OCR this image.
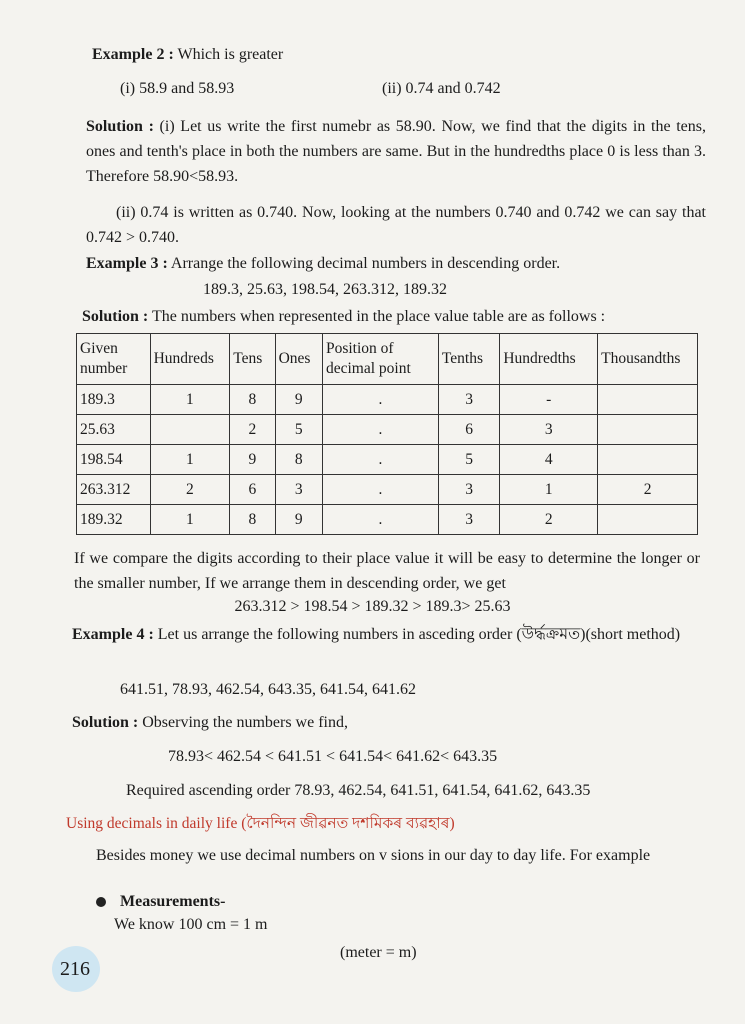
Example 2 : Which is greater
(i) 58.9 and 58.93	(ii) 0.74 and 0.742
Solution : (i) Let us write the first numebr as 58.90. Now, we find that the digits in the tens, ones and tenth's place in both the numbers are same. But in the hundredths place 0 is less than 3. Therefore 58.90<58.93.
(ii) 0.74 is written as 0.740. Now, looking at the numbers 0.740 and 0.742 we can say that 0.742 > 0.740.
Example 3 : Arrange the following decimal numbers in descending order.
189.3, 25.63, 198.54, 263.312, 189.32
Solution : The numbers when represented in the place value table are as follows :
Given number	Hundreds	Tens	Ones	Position of decimal point	Tenths	Hundredths	Thousandths
189.3	1	8	9	.	3	-	
25.63		2	5	.	6	3	
198.54	1	9	8	.	5	4	
263.312	2	6	3	.	3	1	2
189.32	1	8	9	.	3	2	
If we compare the digits according to their place value it will be easy to determine the longer or the smaller number, If we arrange them in descending order, we get
263.312 > 198.54 > 189.32 > 189.3> 25.63
Example 4 : Let us arrange the following numbers in asceding order (উর্দ্ধক্রমত)(short method)
641.51, 78.93, 462.54, 643.35, 641.54, 641.62
Solution : Observing the numbers we find,
78.93< 462.54 < 641.51 < 641.54< 641.62< 643.35
Required ascending order 78.93, 462.54, 641.51, 641.54, 641.62, 643.35
Using decimals in daily life (দৈনন্দিন জীৱনত দশমিকৰ ব্যৱহাৰ)
Besides money we use decimal numbers on v sions in our day to day life. For example
Measurements-
We know 100 cm = 1 m
(meter = m)
216
